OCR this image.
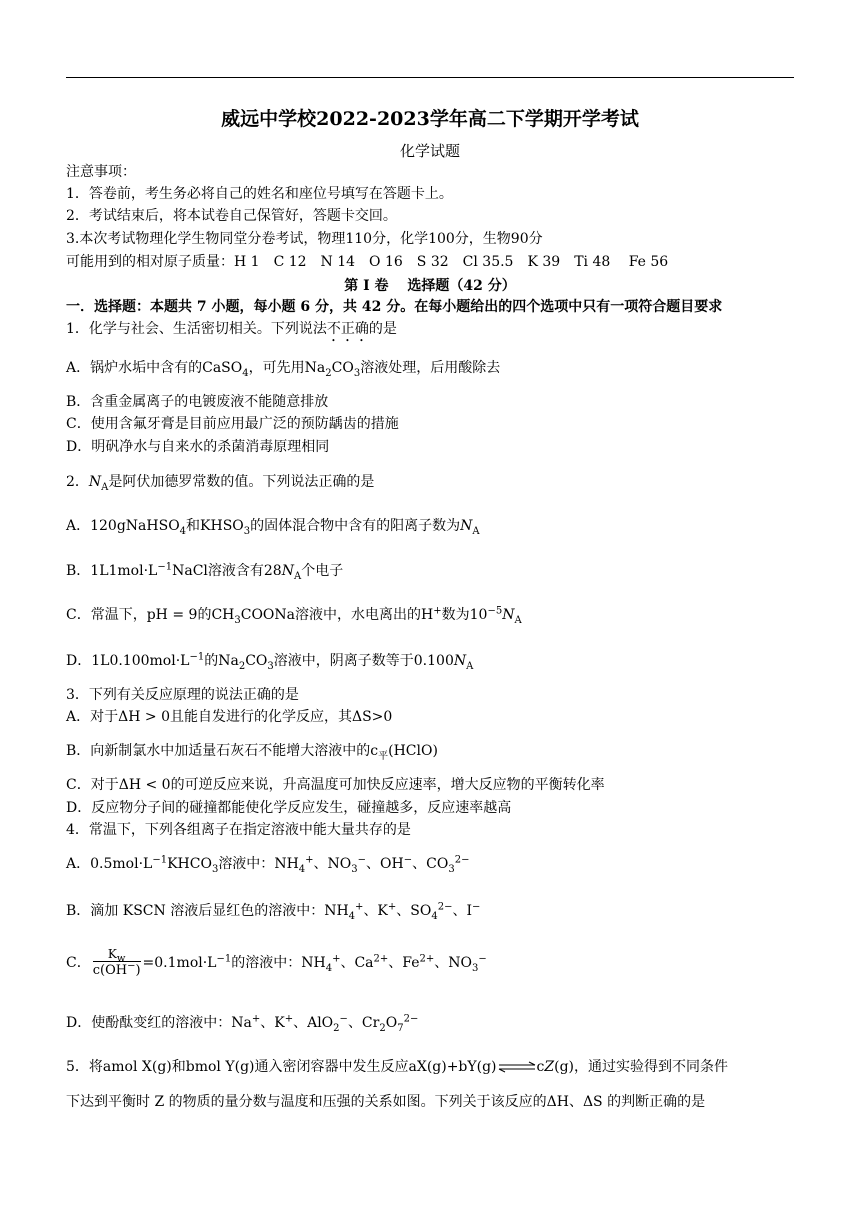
威远中学校2022-2023学年高二下学期开学考试
化学试题
注意事项：
1．答卷前，考生务必将自己的姓名和座位号填写在答题卡上。
2．考试结束后，将本试卷自己保管好，答题卡交回。
3.本次考试物理化学生物同堂分卷考试，物理110分，化学100分，生物90分
可能用到的相对原子质量：H 1　C 12　N 14　O 16　S 32　Cl 35.5　K 39　Ti 48　 Fe 56
第 I 卷　 选择题（42 分）
一．选择题：本题共 7 小题，每小题 6 分，共 42 分。在每小题给出的四个选项中只有一项符合题目要求
1．化学与社会、生活密切相关。下列说法不正确的是
A．锅炉水垢中含有的CaSO$_4$，可先用$Na_2CO_3$溶液处理，后用酸除去
B．含重金属离子的电镀废液不能随意排放
C．使用含氟牙膏是目前应用最广泛的预防龋齿的措施
D．明矾净水与自来水的杀菌消毒原理相同
2．$N_A$是阿伏加德罗常数的值。下列说法正确的是
A．120gNaHSO$_4$和$KHSO_3$的固体混合物中含有的阳离子数为$N_A$
B．$1L1mol\cdot L^{-1}NaCl$溶液含有$28N_A$个电子
C．常温下，pH = 9的$CH_3COONa$溶液中，水电离出的H+数为$10^{-5}N_A$
D．$1L0.100mol\cdot L^{-1}$的$Na_2CO_3$溶液中，阴离子数等于$0.100N_A$
3．下列有关反应原理的说法正确的是
A．对于ΔH > 0且能自发进行的化学反应，其ΔS>0
B．向新制氯水中加适量石灰石不能增大溶液中的$c_平(HClO)$
C．对于ΔH < 0的可逆反应来说，升高温度可加快反应速率，增大反应物的平衡转化率
D．反应物分子间的碰撞都能使化学反应发生，碰撞越多，反应速率越高
4．常温下，下列各组离子在指定溶液中能大量共存的是
A．$0.5mol\cdot L^{-1}KHCO_3$溶液中：$NH_4^+$、$NO_3^-$、OH−、$CO_3^{2-}$
B．滴加 KSCN 溶液后显红色的溶液中：$NH_4^+$、K+、$SO_4^{2-}$、I−
C． $\frac{K_w}{c(OH^-)} =0.1mol\cdot L^{-1}$的溶液中：$NH_4^+$、$Ca^{2+}$、$Fe^{2+}$、$NO_3^-$
D．使酚酞变红的溶液中：Na+、K+、AlO$_2$−、$Cr_2O_7^{2-}$
5．将amol X(g)和bmol Y(g)通入密闭容器中发生反应aX(g)+bY(g)⇌cZ(g)，通过实验得到不同条件
下达到平衡时 Z 的物质的量分数与温度和压强的关系如图。下列关于该反应的ΔH、ΔS 的判断正确的是
